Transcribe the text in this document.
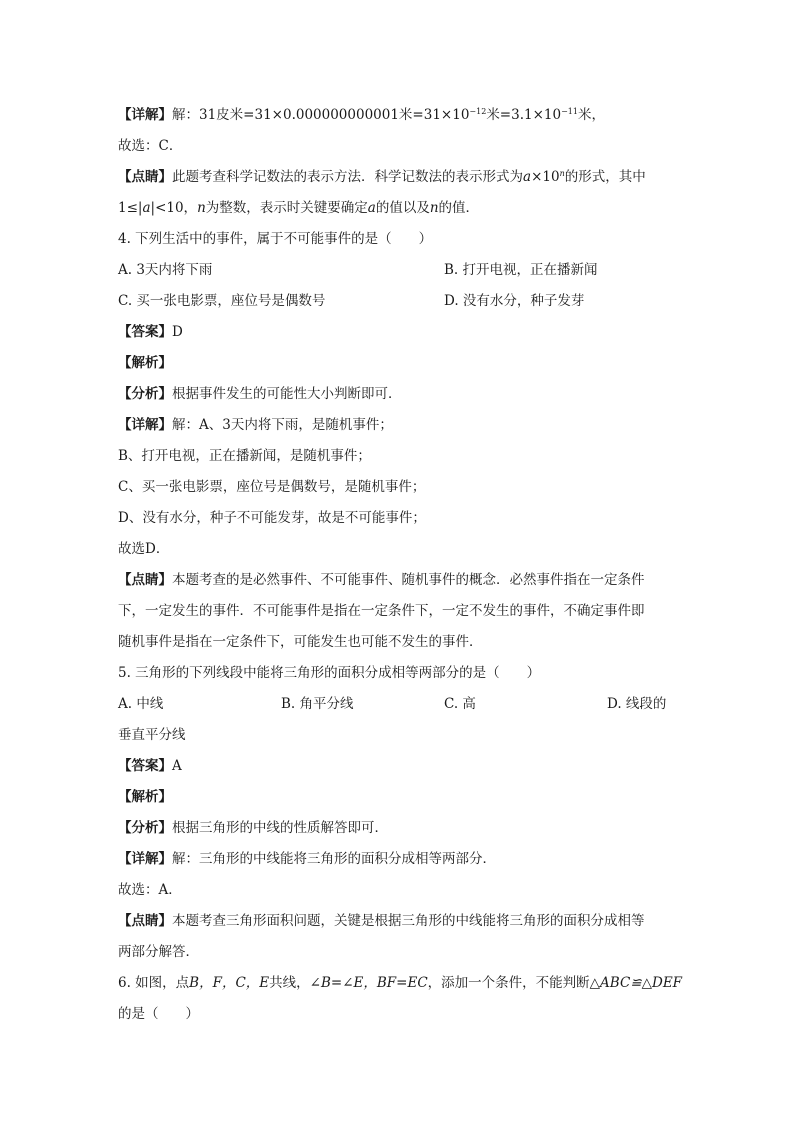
【详解】解：31皮米=31×0.000000000001米$=31\times 10^{-12}$米$=3.1\times 10^{-11}$米，
故选：C．
【点睛】此题考查科学记数法的表示方法．科学记数法的表示形式为$a\times 10^n$的形式，其中
1≤|a|<10，n为整数，表示时关键要确定a的值以及n的值．
4. 下列生活中的事件，属于不可能事件的是（　　）
A. 3天内将下雨	B. 打开电视，正在播新闻
C. 买一张电影票，座位号是偶数号	D. 没有水分，种子发芽
【答案】D
【解析】
【分析】根据事件发生的可能性大小判断即可．
【详解】解：A、3天内将下雨，是随机事件；
B、打开电视，正在播新闻，是随机事件；
C、买一张电影票，座位号是偶数号，是随机事件；
D、没有水分，种子不可能发芽，故是不可能事件；
故选D．
【点睛】本题考查的是必然事件、不可能事件、随机事件的概念．必然事件指在一定条件
下，一定发生的事件．不可能事件是指在一定条件下，一定不发生的事件，不确定事件即
随机事件是指在一定条件下，可能发生也可能不发生的事件．
5. 三角形的下列线段中能将三角形的面积分成相等两部分的是（　　）
A. 中线	B. 角平分线	C. 高	D. 线段的
垂直平分线
【答案】A
【解析】
【分析】根据三角形的中线的性质解答即可．
【详解】解：三角形的中线能将三角形的面积分成相等两部分．
故选：A．
【点睛】本题考查三角形面积问题，关键是根据三角形的中线能将三角形的面积分成相等
两部分解答．
6. 如图，点B，F，C，E共线，∠B=∠E，BF=EC，添加一个条件，不能判断△ABC≌△DEF
的是（　　）
